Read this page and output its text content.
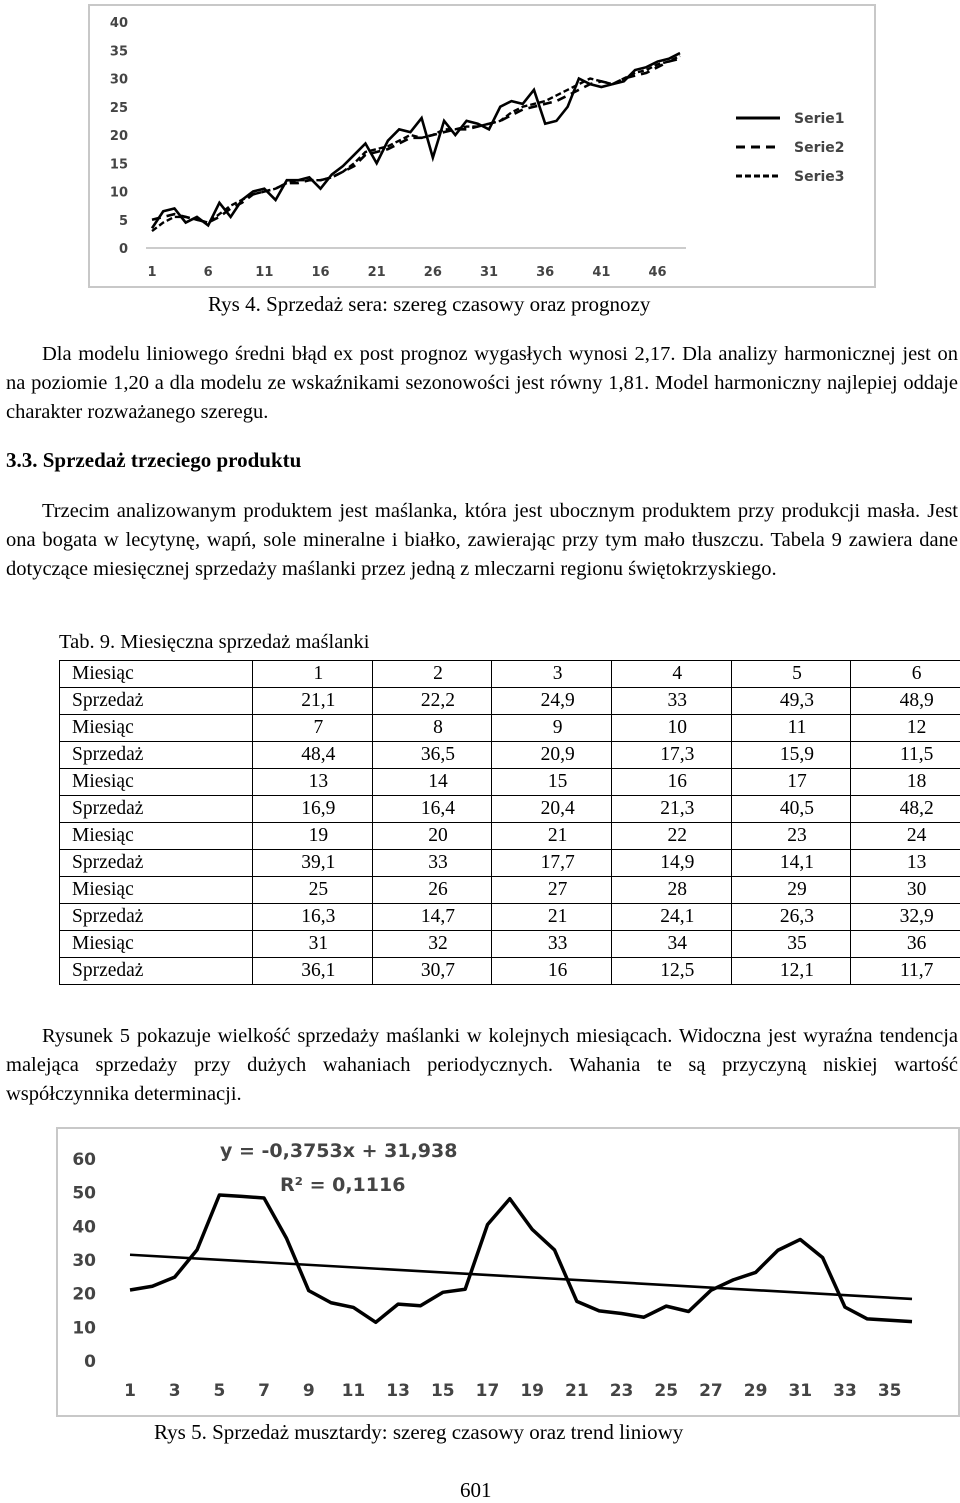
0
5
10
15
20
25
30
35
40
1	6	11	16	21	26	31	36	41	46
Serie1
Serie2
Serie3
Rys 4. Sprzedaż sera: szereg czasowy oraz prognozy

Dla modelu liniowego średni błąd ex post prognoz wygasłych wynosi 2,17. Dla analizy harmonicznej jest on na poziomie 1,20 a dla modelu ze wskaźnikami sezonowości jest równy 1,81. Model harmoniczny najlepiej oddaje charakter rozważanego szeregu.

3.3. Sprzedaż trzeciego produktu

Trzecim analizowanym produktem jest maślanka, która jest ubocznym produktem przy produkcji masła. Jest ona bogata w lecytynę, wapń, sole mineralne i białko, zawierając przy tym mało tłuszczu. Tabela 9 zawiera dane dotyczące miesięcznej sprzedaży maślanki przez jedną z mleczarni regionu świętokrzyskiego.

Tab. 9. Miesięczna sprzedaż maślanki
Miesiąc	1	2	3	4	5	6
Sprzedaż	21,1	22,2	24,9	33	49,3	48,9
Miesiąc	7	8	9	10	11	12
Sprzedaż	48,4	36,5	20,9	17,3	15,9	11,5
Miesiąc	13	14	15	16	17	18
Sprzedaż	16,9	16,4	20,4	21,3	40,5	48,2
Miesiąc	19	20	21	22	23	24
Sprzedaż	39,1	33	17,7	14,9	14,1	13
Miesiąc	25	26	27	28	29	30
Sprzedaż	16,3	14,7	21	24,1	26,3	32,9
Miesiąc	31	32	33	34	35	36
Sprzedaż	36,1	30,7	16	12,5	12,1	11,7

Rysunek 5 pokazuje wielkość sprzedaży maślanki w kolejnych miesiącach. Widoczna jest wyraźna tendencja malejąca sprzedaży przy dużych wahaniach periodycznych. Wahania te są przyczyną niskiej wartość współczynnika determinacji.

0
10
20
30
40
50
60
1 3 5 7 9 11 13 15 17 19 21 23 25 27 29 31 33 35
y = -0,3753x + 31,938
R² = 0,1116
Rys 5. Sprzedaż musztardy: szereg czasowy oraz trend liniowy
601
